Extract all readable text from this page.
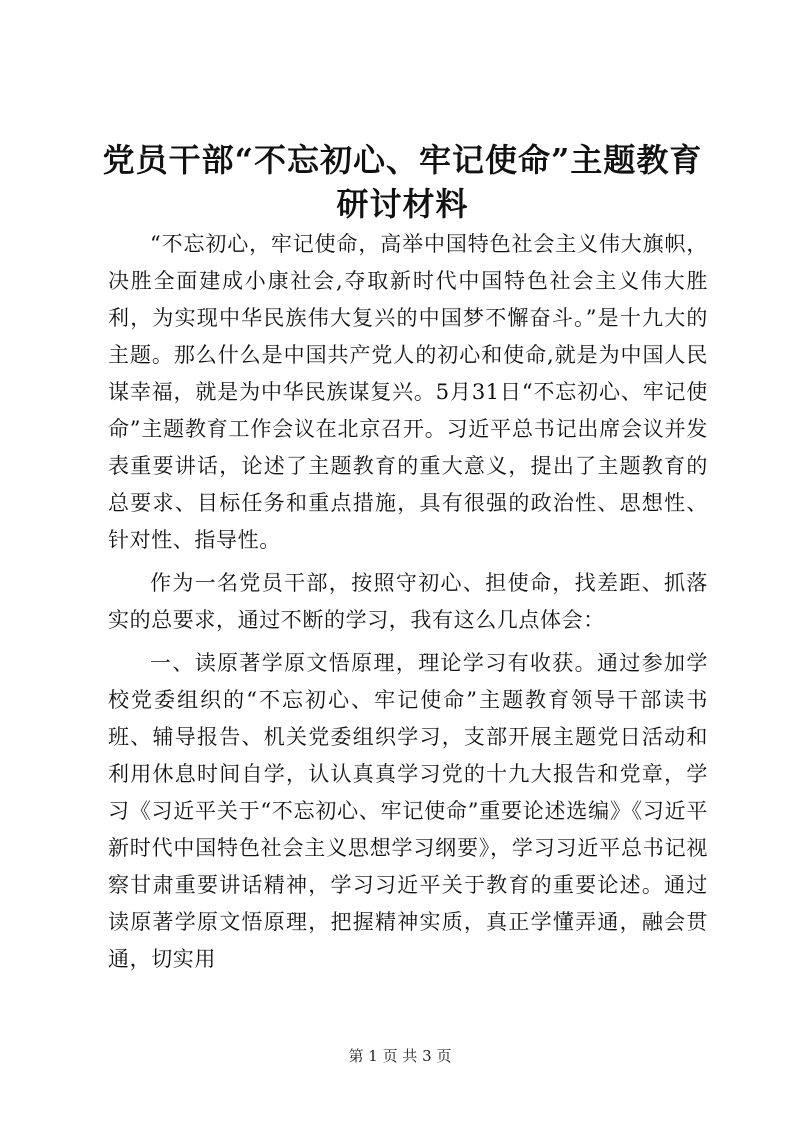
党员干部“不忘初心、牢记使命”主题教育研讨材料

“不忘初心，牢记使命，高举中国特色社会主义伟大旗帜，决胜全面建成小康社会,夺取新时代中国特色社会主义伟大胜利，为实现中华民族伟大复兴的中国梦不懈奋斗。”是十九大的主题。那么什么是中国共产党人的初心和使命,就是为中国人民谋幸福，就是为中华民族谋复兴。5月31日“不忘初心、牢记使命”主题教育工作会议在北京召开。习近平总书记出席会议并发表重要讲话，论述了主题教育的重大意义，提出了主题教育的总要求、目标任务和重点措施，具有很强的政治性、思想性、针对性、指导性。

作为一名党员干部，按照守初心、担使命，找差距、抓落实的总要求，通过不断的学习，我有这么几点体会：

一、读原著学原文悟原理，理论学习有收获。通过参加学校党委组织的“不忘初心、牢记使命”主题教育领导干部读书班、辅导报告、机关党委组织学习，支部开展主题党日活动和利用休息时间自学，认认真真学习党的十九大报告和党章，学习《习近平关于“不忘初心、牢记使命”重要论述选编》《习近平新时代中国特色社会主义思想学习纲要》，学习习近平总书记视察甘肃重要讲话精神，学习习近平关于教育的重要论述。通过读原著学原文悟原理，把握精神实质，真正学懂弄通，融会贯通，切实用

第 1 页 共 3 页
